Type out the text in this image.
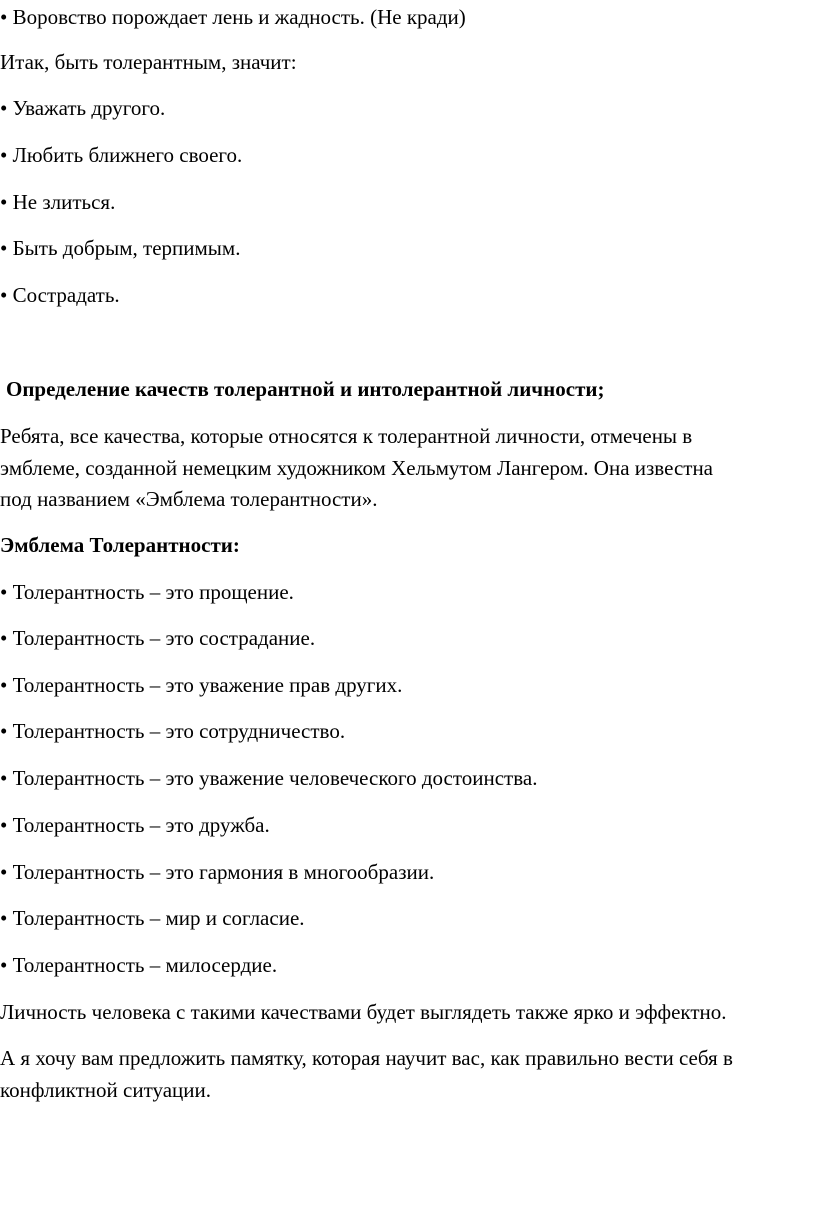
• Воровство порождает лень и жадность. (Не кради)
Итак, быть толерантным, значит:
• Уважать другого.
• Любить ближнего своего.
• Не злиться.
• Быть добрым, терпимым.
• Сострадать.
Определение качеств толерантной и интолерантной личности;
Ребята, все качества, которые относятся к толерантной личности, отмечены в
эмблеме, созданной немецким художником Хельмутом Лангером. Она известна
под названием «Эмблема толерантности».
Эмблема Толерантности:
• Толерантность – это прощение.
• Толерантность – это сострадание.
• Толерантность – это уважение прав других.
• Толерантность – это сотрудничество.
• Толерантность – это уважение человеческого достоинства.
• Толерантность – это дружба.
• Толерантность – это гармония в многообразии.
• Толерантность – мир и согласие.
• Толерантность – милосердие.
Личность человека с такими качествами будет выглядеть также ярко и эффектно.
А я хочу вам предложить памятку, которая научит вас, как правильно вести себя в
конфликтной ситуации.
